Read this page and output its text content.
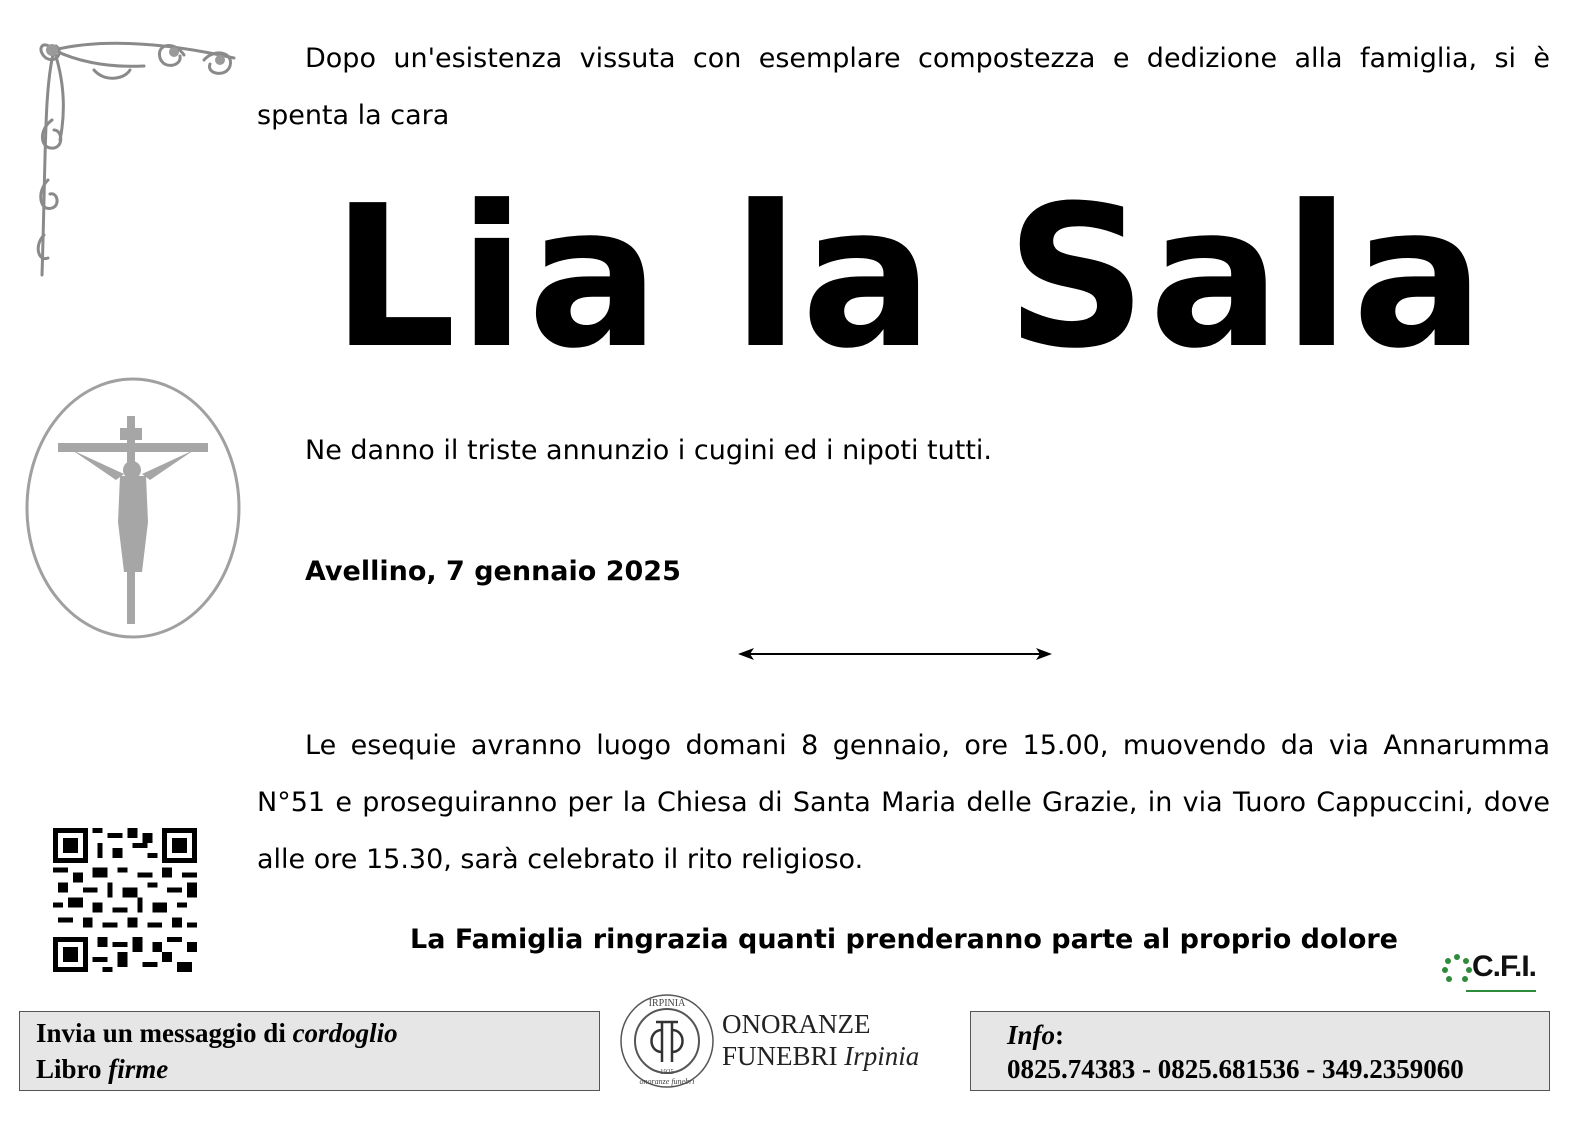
Dopo un'esistenza vissuta con esemplare compostezza e dedizione alla famiglia, si è spenta la cara
Lia la Sala
Ne danno il triste annunzio i cugini ed i nipoti tutti.
Avellino, 7 gennaio 2025
Le esequie avranno luogo domani 8 gennaio, ore 15.00, muovendo da via Annarumma N°51 e proseguiranno per la Chiesa di Santa Maria delle Grazie, in via Tuoro Cappuccini, dove alle ore 15.30, sarà celebrato il rito religioso.
La Famiglia ringrazia quanti prenderanno parte al proprio dolore
C.F.I.
Invia un messaggio di cordoglio
Libro firme
IRPINIA
onoranze funebri
1925
ONORANZE
FUNEBRI Irpinia
Info:
0825.74383 - 0825.681536 - 349.2359060
